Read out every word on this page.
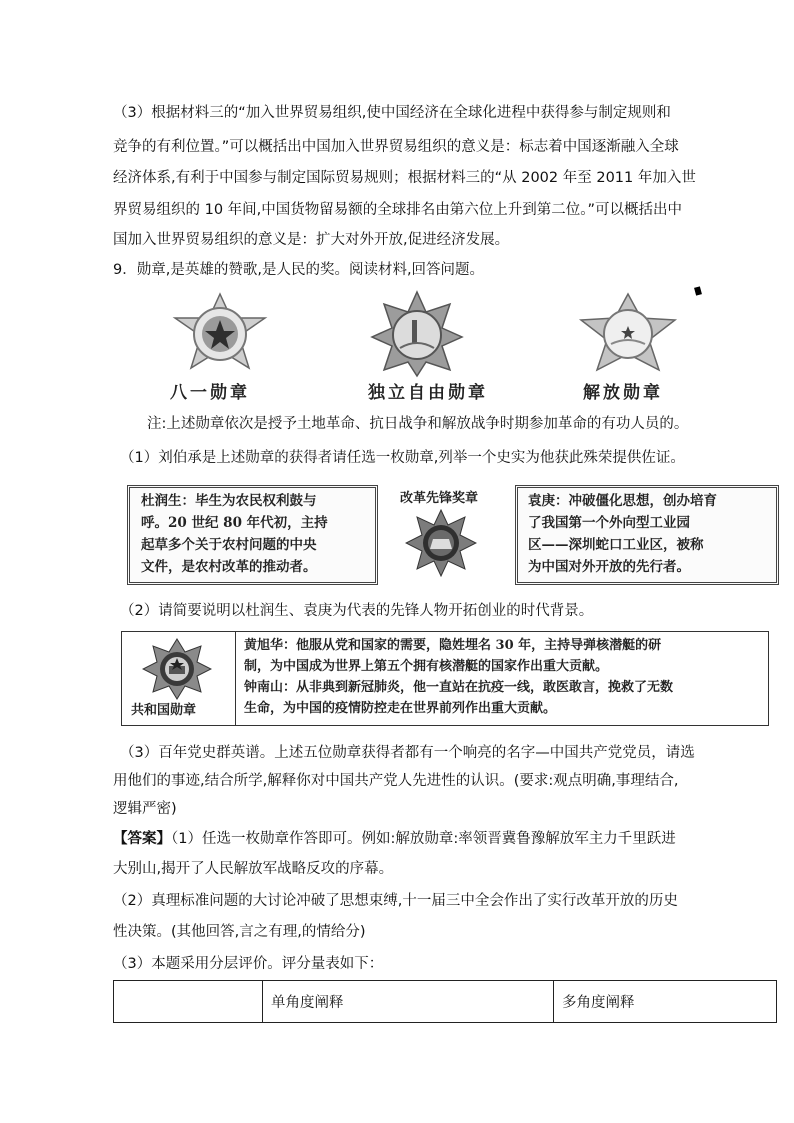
（3）根据材料三的“加入世界贸易组织,使中国经济在全球化进程中获得参与制定规则和
竞争的有利位置。”可以概括出中国加入世界贸易组织的意义是：标志着中国逐渐融入全球
经济体系,有利于中国参与制定国际贸易规则；根据材料三的“从 2002 年至 2011 年加入世
界贸易组织的 10 年间,中国货物留易额的全球排名由第六位上升到第二位。”可以概括出中
国加入世界贸易组织的意义是：扩大对外开放,促进经济发展。
9．勋章,是英雄的赞歌,是人民的奖。阅读材料,回答问题。
八一勋章	独立自由勋章	解放勋章
注:上述勋章依次是授予土地革命、抗日战争和解放战争时期参加革命的有功人员的。
（1）刘伯承是上述勋章的获得者请任选一枚勋章,列举一个史实为他获此殊荣提供佐证。
杜润生：毕生为农民权利鼓与
呼。20 世纪 80 年代初，主持
起草多个关于农村问题的中央
文件，是农村改革的推动者。
改革先锋奖章	袁庚：冲破僵化思想，创办培育
了我国第一个外向型工业园
区——深圳蛇口工业区，被称
为中国对外开放的先行者。
（2）请简要说明以杜润生、袁庚为代表的先锋人物开拓创业的时代背景。
共和国勋章
黄旭华：他服从党和国家的需要，隐姓埋名 30 年，主持导弹核潜艇的研
制，为中国成为世界上第五个拥有核潜艇的国家作出重大贡献。
钟南山：从非典到新冠肺炎，他一直站在抗疫一线，敢医敢言，挽救了无数
生命，为中国的疫情防控走在世界前列作出重大贡献。
（3）百年党史群英谱。上述五位勋章获得者都有一个响亮的名字—中国共产党党员，请选
用他们的事迹,结合所学,解释你对中国共产党人先进性的认识。(要求:观点明确,事理结合,
逻辑严密)
【答案】（1）任选一枚勋章作答即可。例如:解放勋章:率领晋冀鲁豫解放军主力千里跃进
大别山,揭开了人民解放军战略反攻的序幕。
（2）真理标准问题的大讨论冲破了思想束缚,十一届三中全会作出了实行改革开放的历史
性决策。(其他回答,言之有理,的情给分)
（3）本题采用分层评价。评分量表如下：
	单角度阐释	多角度阐释
